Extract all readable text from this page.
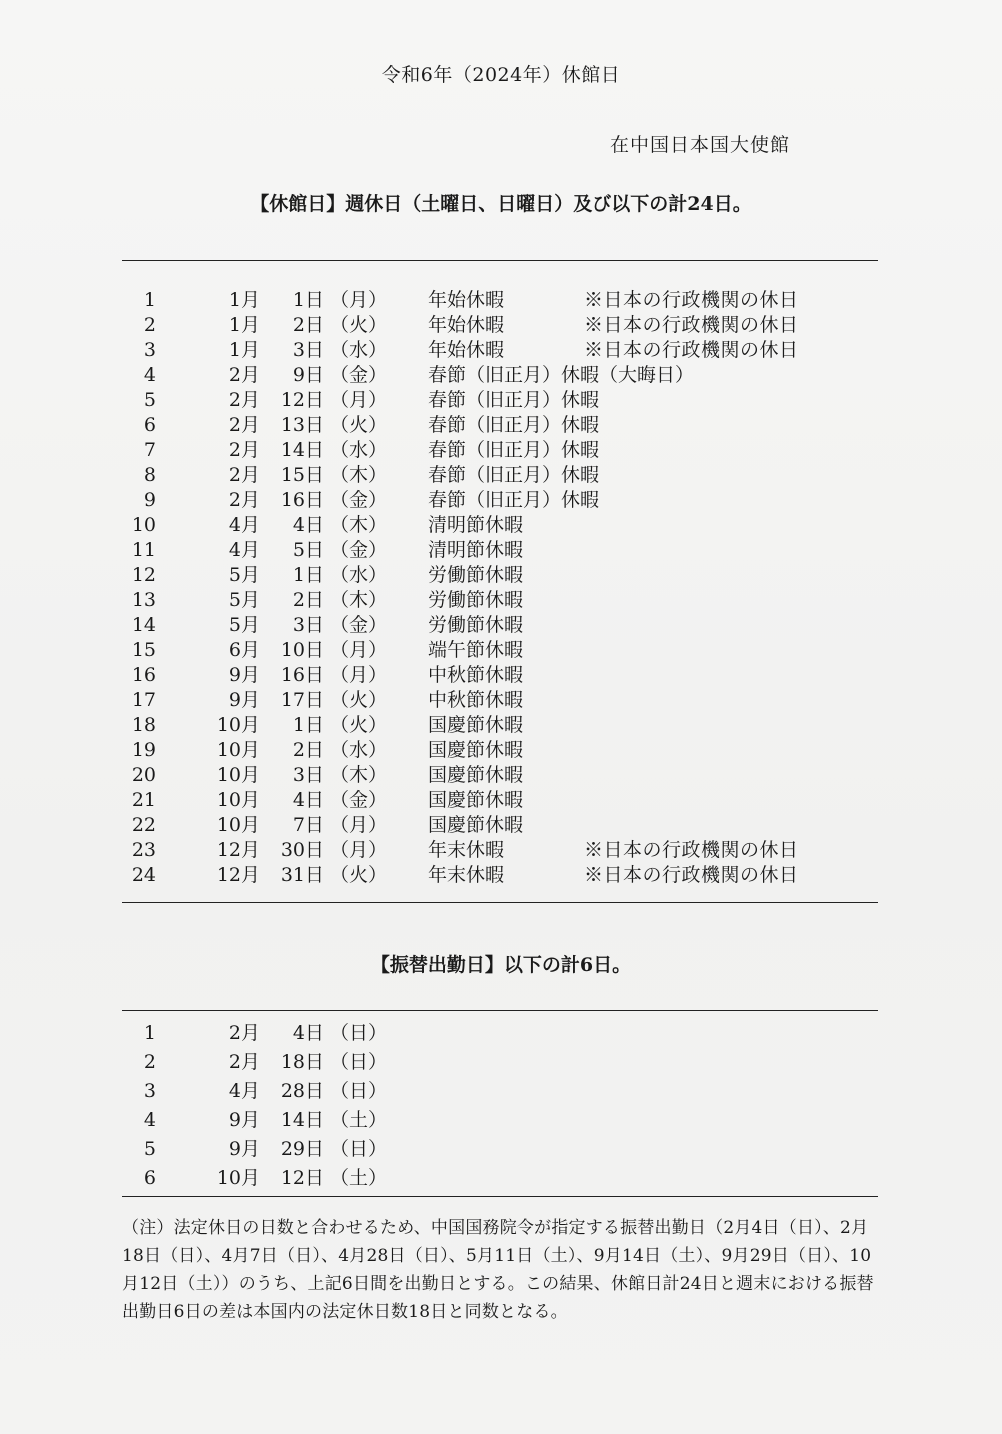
令和6年（2024年）休館日
在中国日本国大使館
【休館日】週休日（土曜日、日曜日）及び以下の計24日。
1	1月	1日 （月） 年始休暇	※日本の行政機関の休日
2	1月	2日 （火） 年始休暇	※日本の行政機関の休日
3	1月	3日 （水） 年始休暇	※日本の行政機関の休日
4	2月	9日 （金） 春節（旧正月）休暇（大晦日）
5	2月	12日 （月） 春節（旧正月）休暇
6	2月	13日 （火） 春節（旧正月）休暇
7	2月	14日 （水） 春節（旧正月）休暇
8	2月	15日 （木） 春節（旧正月）休暇
9	2月	16日 （金） 春節（旧正月）休暇
10	4月	4日 （木） 清明節休暇
11	4月	5日 （金） 清明節休暇
12	5月	1日 （水） 労働節休暇
13	5月	2日 （木） 労働節休暇
14	5月	3日 （金） 労働節休暇
15	6月	10日 （月） 端午節休暇
16	9月	16日 （月） 中秋節休暇
17	9月	17日 （火） 中秋節休暇
18	10月	1日 （火） 国慶節休暇
19	10月	2日 （水） 国慶節休暇
20	10月	3日 （木） 国慶節休暇
21	10月	4日 （金） 国慶節休暇
22	10月	7日 （月） 国慶節休暇
23	12月	30日 （月） 年末休暇	※日本の行政機関の休日
24	12月	31日 （火） 年末休暇	※日本の行政機関の休日
【振替出勤日】以下の計6日。
1	2月	4日 （日）
2	2月	18日 （日）
3	4月	28日 （日）
4	9月	14日 （土）
5	9月	29日 （日）
6	10月	12日 （土）
（注）法定休日の日数と合わせるため、中国国務院令が指定する振替出勤日（2月4日（日）、2月18日（日）、4月7日（日）、4月28日（日）、5月11日（土）、9月14日（土）、9月29日（日）、10月12日（土））のうち、上記6日間を出勤日とする。この結果、休館日計24日と週末における振替出勤日6日の差は本国内の法定休日数18日と同数となる。
